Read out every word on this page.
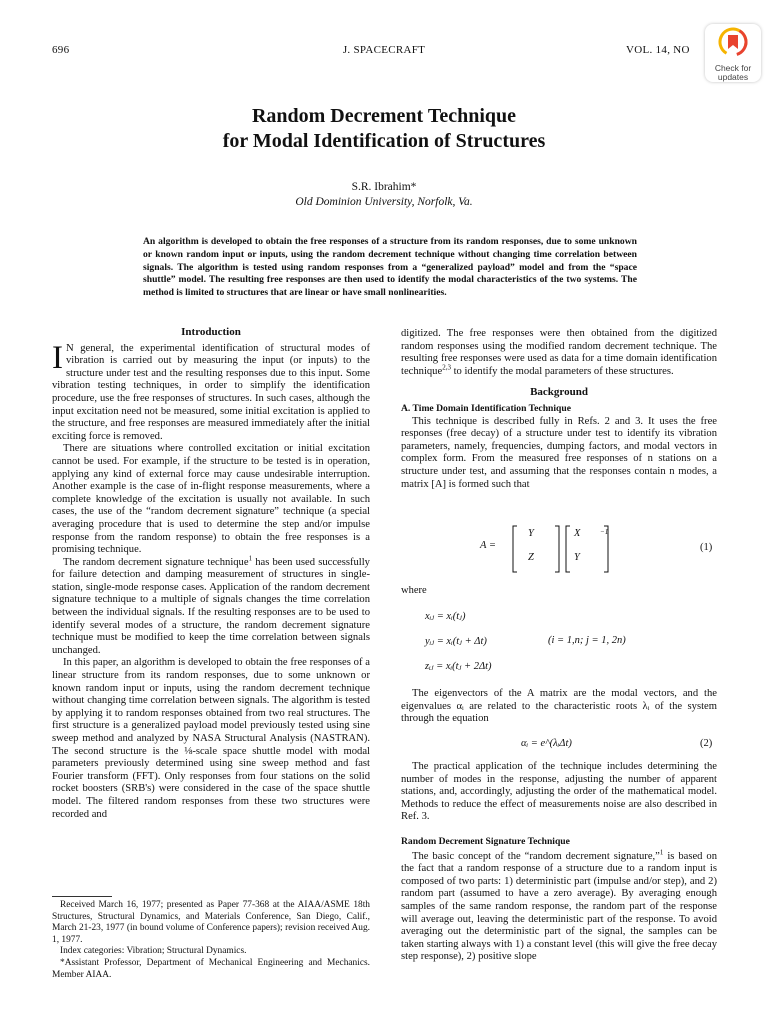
696	J. SPACECRAFT	VOL. 14, NO
Check for
updates
Random Decrement Technique
for Modal Identification of Structures
S.R. Ibrahim*
Old Dominion University, Norfolk, Va.
An algorithm is developed to obtain the free responses of a structure from its random responses, due to some unknown or known random input or inputs, using the random decrement technique without changing time correlation between signals. The algorithm is tested using random responses from a “generalized payload” model and from the “space shuttle” model. The resulting free responses are then used to identify the modal characteristics of the two systems. The method is limited to structures that are linear or have small nonlinearities.
Introduction

I N general, the experimental identification of structural modes of vibration is carried out by measuring the input (or inputs) to the structure under test and the resulting responses due to this input. Some vibration testing techniques, in order to simplify the identification procedure, use the free responses of structures. In such cases, although the input excitation need not be measured, some initial excitation is applied to the structure, and free responses are measured immediately after the initial exciting force is removed.

There are situations where controlled excitation or initial excitation cannot be used. For example, if the structure to be tested is in operation, applying any kind of external force may cause undesirable interruption. Another example is the case of in-flight response measurements, where a complete knowledge of the excitation is usually not available. In such cases, the use of the “random decrement signature” technique (a special averaging procedure that is used to determine the step and/or impulse response from the random response) to obtain the free responses is a promising technique.

The random decrement signature technique$^1$ has been used successfully for failure detection and damping measurement of structures in single-station, single-mode response cases. Application of the random decrement signature technique to a multiple of signals changes the time correlation between the individual signals. If the resulting responses are to be used to identify several modes of a structure, the random decrement signature technique must be modified to keep the time correlation between signals unchanged.

In this paper, an algorithm is developed to obtain the free responses of a linear structure from its random responses, due to some unknown or known random input or inputs, using the random decrement technique without changing time correlation between signals. The algorithm is tested by applying it to random responses obtained from two real structures. The first structure is a generalized payload model previously tested using sine sweep method and analyzed by NASA Structural Analysis (NASTRAN). The second structure is the ⅛-scale space shuttle model with modal parameters previously determined using sine sweep method and fast Fourier transform (FFT). Only responses from four stations on the solid rocket boosters (SRB's) were considered in the case of the space shuttle model. The filtered random responses from these two structures were recorded and

Received March 16, 1977; presented as Paper 77-368 at the AIAA/ASME 18th Structures, Structural Dynamics, and Materials Conference, San Diego, Calif., March 21-23, 1977 (in bound volume of Conference papers); revision received Aug. 1, 1977.

Index categories: Vibration; Structural Dynamics.

*Assistant Professor, Department of Mechanical Engineering and Mechanics. Member AIAA.

digitized. The free responses were then obtained from the digitized random responses using the modified random decrement technique. The resulting free responses were used as data for a time domain identification technique$^{2,3}$ to identify the modal parameters of these structures.

Background

A. Time Domain Identification Technique

This technique is described fully in Refs. 2 and 3. It uses the free responses (free decay) of a structure under test to identify its vibration parameters, namely, frequencies, dumping factors, and modal vectors in complex form. From the measured free responses of n stations on a structure under test, and assuming that the responses contain n modes, a matrix [A] is formed such that

A =
Y
Z
X
Y
−1
(1)
where
xᵢⱼ = xᵢ(tⱼ)
yᵢⱼ = xᵢ(tⱼ + Δt)	(i = 1,n; j = 1, 2n)
zᵢⱼ = xᵢ(tⱼ + 2Δt)

The eigenvectors of the A matrix are the modal vectors, and the eigenvalues αᵢ are related to the characteristic roots λᵢ of the system through the equation

αᵢ = e^(λᵢΔt)	(2)

The practical application of the technique includes determining the number of modes in the response, adjusting the number of apparent stations, and, accordingly, adjusting the order of the mathematical model. Methods to reduce the effect of measurements noise are also described in Ref. 3.

Random Decrement Signature Technique

The basic concept of the “random decrement signature,”$^1$ is based on the fact that a random response of a structure due to a random input is composed of two parts: 1) deterministic part (impulse and/or step), and 2) random part (assumed to have a zero average). By averaging enough samples of the same random response, the random part of the response will average out, leaving the deterministic part of the response. To avoid averaging out the deterministic part of the signal, the samples can be taken starting always with 1) a constant level (this will give the free decay step response), 2) positive slope
